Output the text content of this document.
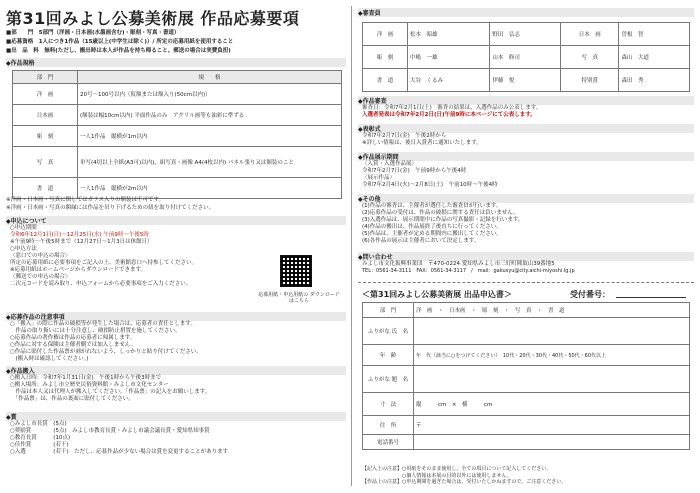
第31回みよし公募美術展 作品応募要項
■部　　門　5部門（洋画・日本画(水墨画含む)・彫刻・写真・書道）
■応募資格　1人につき1作品（15歳以上(中学生は除く)）/ 所定の応募用紙を使用すること
■出　品　料　無料(ただし、搬出時は本人が作品を持ち帰ること。郵送の場合は実費負担)
◆作品規格
部　門	規　　格
洋　画	20号〜100号以内（仮額または額入り(50cm以内)）
日本画	(額装は幅10cm以内) 平面作品のみ　アクリル画等も油彩に準ずる
彫　刻	一人1作品　縦横が1m以内
写　真	単写(4切以上全紙(A3可)以内)、組写真・画像 A4(4枚以内) パネル張り又は額装のこと
書　道	一人1作品　縦横が2m以内
※洋画・日本画・写真に関してはガラス入りの額装は不可です。
※洋画・日本画・写真の額縁には作品を吊り下げるための紐を取り付けてください。
◆申込について
○申込期間
令和6年12月1日(日)〜12月25日(水) 午前9時〜午後5時
※午前9時〜午後5時まで（12月27日〜1月3日は休館日）
○申込方法
〈窓口での申込の場合〉
所定の応募用紙に必要事項をご記入の上、美術館窓口へ持参してください。
※応募用紙はホームページからダウンロードできます。
〈郵送での申込の場合〉
二次元コードを読み取り、申込フォームから必要事項をご入力ください。
応募用紙・申込用紙の ダウンロードはこちら
◆応募作品の注意事項
○「搬入」の際に作品の破損等が発生した場合は、応募者の責任とします。
　作品の取り扱いには十分注意し、破損防止措置を施してください。
○応募作品の著作権は作品の応募者に帰属します。
○作品に対する保険は主催者側では加入しません。
○作品に貼付した作品票が剥がれないよう、しっかりと貼り付けてください。
　(搬入時は確認してください。)
◆作品搬入
○搬入日時：令和7年1月31日(金)　午後1時から午後3時まで
○搬入場所：みよし市立歴史民俗資料館・みよし市文化センター
　作品は本人又は代理人が搬入してください。「作品票」の記入をお願いします。
　「作品票」は、作品の裏面に貼付してください。
◆賞
○みよし市長賞　(5点)
○奨励賞　　　　(5点)　みよし市教育長賞・みよし市議会議長賞・愛知県知事賞
○教育長賞　　　(10点)
○佳作賞　　　　(若干)
○入選　　　　　(若干)　ただし、応募作品が少ない場合は賞を変更することがあります
◆審査員
洋　画	松本　昭雄	野田　弘志	日本　画	曽根　智
彫　刻	中嶋　一雄	山本　修司	写　真	森山　大道
書　道	大谷　くるみ	伊藤　悦	特別賞	森田　秀
◆作品審査
審査日：令和7年2月1日(土)　審査の結果は、入選作品のみ公表します。
入選者発表は令和7年2月2日(日)午前9時に本ページにて公表します。
◆表彰式
令和7年2月7日(金)　午後2時から
※詳しい情報は、後日入賞者に通知いたします。
◆作品展示期間
〈入賞・入選作品展〉
令和7年2月7日(金)　午前9時から午後4時
〈展示作品〉
令和7年2月4日(火)〜2月8日(土)　午前10時〜午後4時
◆その他
(1)作品の審査は、主催者が選任した審査員が行います。
(2)応募作品の受付は、作品の破損に関する責任は負いません。
(3)入選作品は、展示期間中に作品の写真撮影・記録を行います。
(4)作品の搬出は、作品展終了後直ちに行ってください。
(5)作品は、主催者が定める期間内に搬出してください。
(6)各作品の展示は主催者において決定します。
◆問い合わせ
みよし市文化振興事業団　〒470-0224 愛知県みよし市三好町陣取山39番地5
TEL：0561-34-3111　FAX：0561-34-3117　/　mail：gakusyu@city.aichi-miyoshi.lg.jp
＜第31回みよし公募美術展 出品申込書＞	受付番号：
部　門	洋　画　・　日本画　・　彫　刻　・　写　真　・　書　道
ふりがな 氏　名	
年　齢	年　代（該当に○をつけてください）　10代・20代・30代・40代・50代・60代以上
ふりがな 題　名	
寸　法	縦　　　cm　×　横　　　cm
住　所	〒
電話番号	
【記入上の注意】○用紙をそのまま使用し、全ての項目について記入してください。
　　　　　　　　○個人情報は本展の目的以外には使用しません。
【作品上の注意】○申込期間を過ぎた場合は、受付いたしかねますので、ご注意ください。
